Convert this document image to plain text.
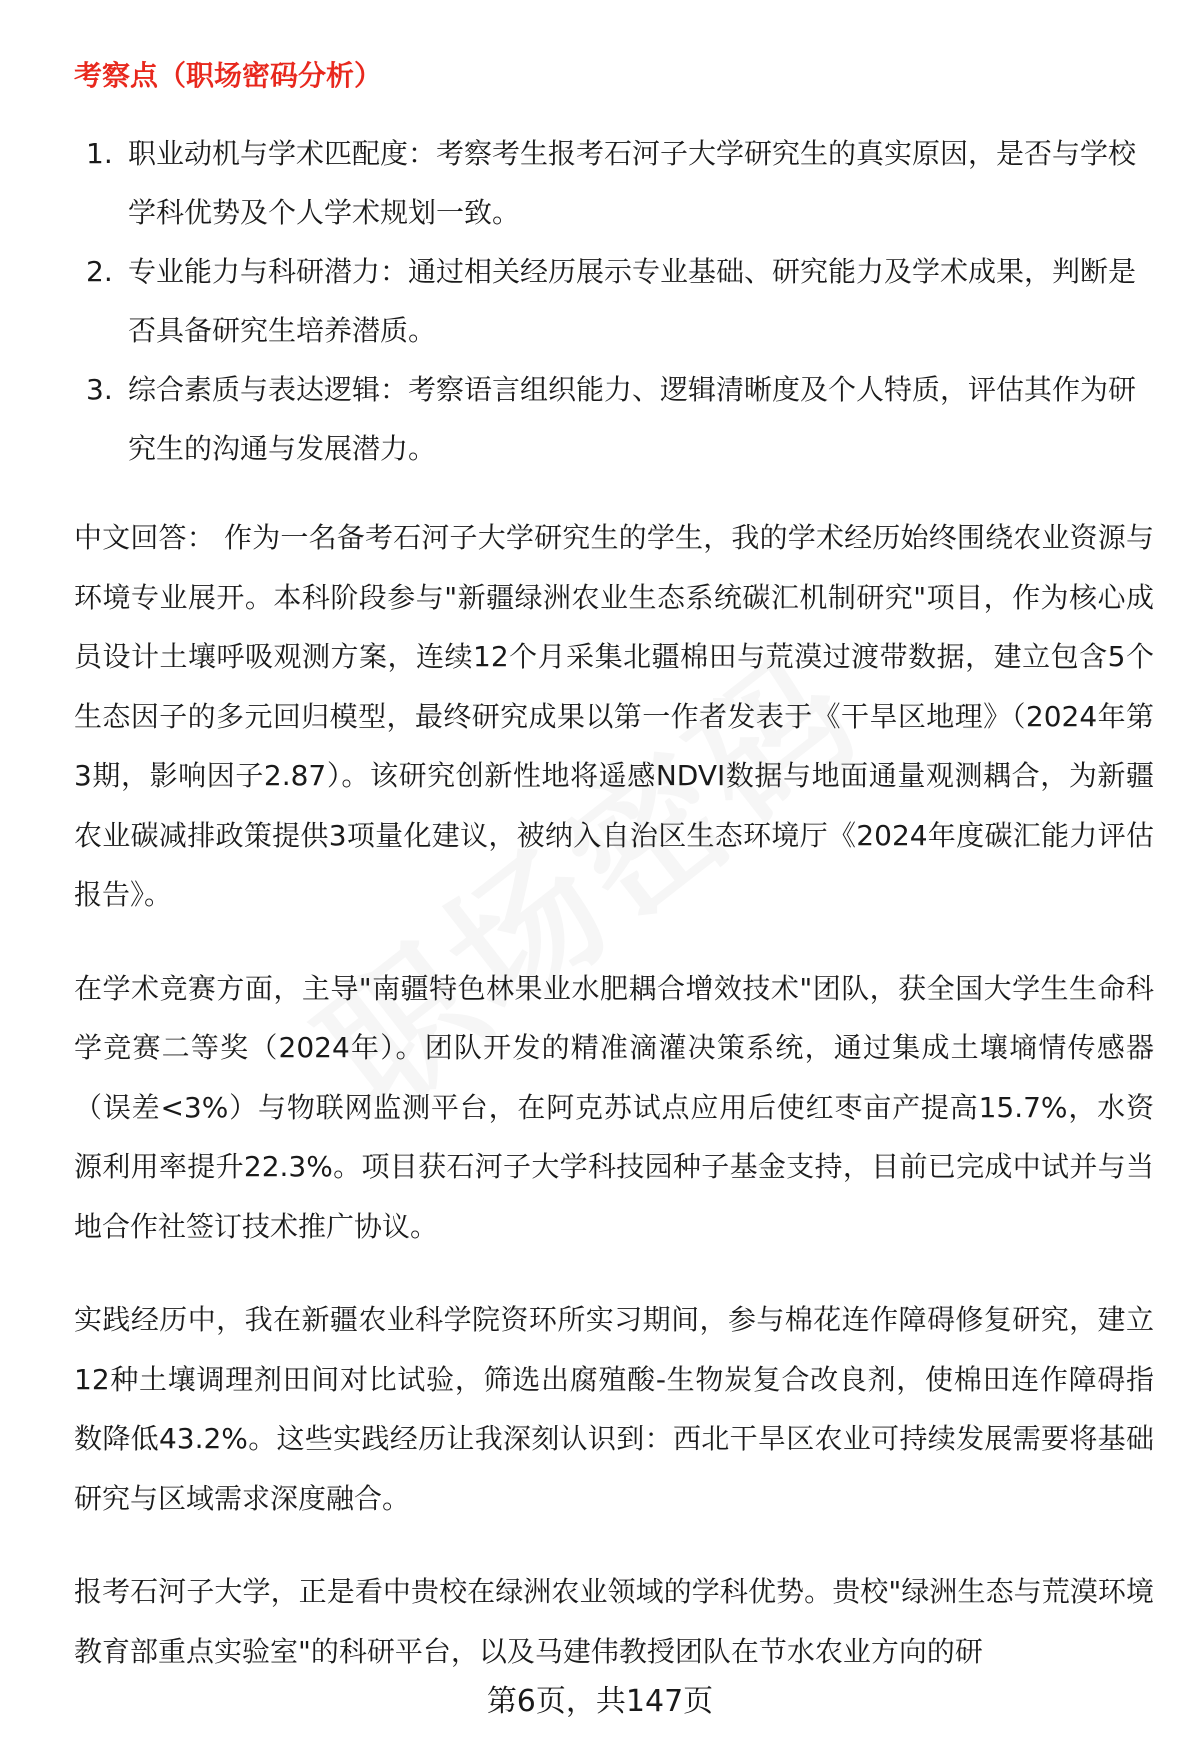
考察点（职场密码分析）
1. 职业动机与学术匹配度：考察考生报考石河子大学研究生的真实原因，是否与学校学科优势及个人学术规划一致。
2. 专业能力与科研潜力：通过相关经历展示专业基础、研究能力及学术成果，判断是否具备研究生培养潜质。
3. 综合素质与表达逻辑：考察语言组织能力、逻辑清晰度及个人特质，评估其作为研究生的沟通与发展潜力。

中文回答： 作为一名备考石河子大学研究生的学生，我的学术经历始终围绕农业资源与环境专业展开。本科阶段参与"新疆绿洲农业生态系统碳汇机制研究"项目，作为核心成员设计土壤呼吸观测方案，连续12个月采集北疆棉田与荒漠过渡带数据，建立包含5个生态因子的多元回归模型，最终研究成果以第一作者发表于《干旱区地理》（2024年第3期，影响因子2.87）。该研究创新性地将遥感NDVI数据与地面通量观测耦合，为新疆农业碳减排政策提供3项量化建议，被纳入自治区生态环境厅《2024年度碳汇能力评估报告》。

在学术竞赛方面，主导"南疆特色林果业水肥耦合增效技术"团队，获全国大学生生命科学竞赛二等奖（2024年）。团队开发的精准滴灌决策系统，通过集成土壤墒情传感器（误差<3%）与物联网监测平台，在阿克苏试点应用后使红枣亩产提高15.7%，水资源利用率提升22.3%。项目获石河子大学科技园种子基金支持，目前已完成中试并与当地合作社签订技术推广协议。

实践经历中，我在新疆农业科学院资环所实习期间，参与棉花连作障碍修复研究，建立12种土壤调理剂田间对比试验，筛选出腐殖酸-生物炭复合改良剂，使棉田连作障碍指数降低43.2%。这些实践经历让我深刻认识到：西北干旱区农业可持续发展需要将基础研究与区域需求深度融合。

报考石河子大学，正是看中贵校在绿洲农业领域的学科优势。贵校"绿洲生态与荒漠环境教育部重点实验室"的科研平台，以及马建伟教授团队在节水农业方向的研

第6页，共147页
